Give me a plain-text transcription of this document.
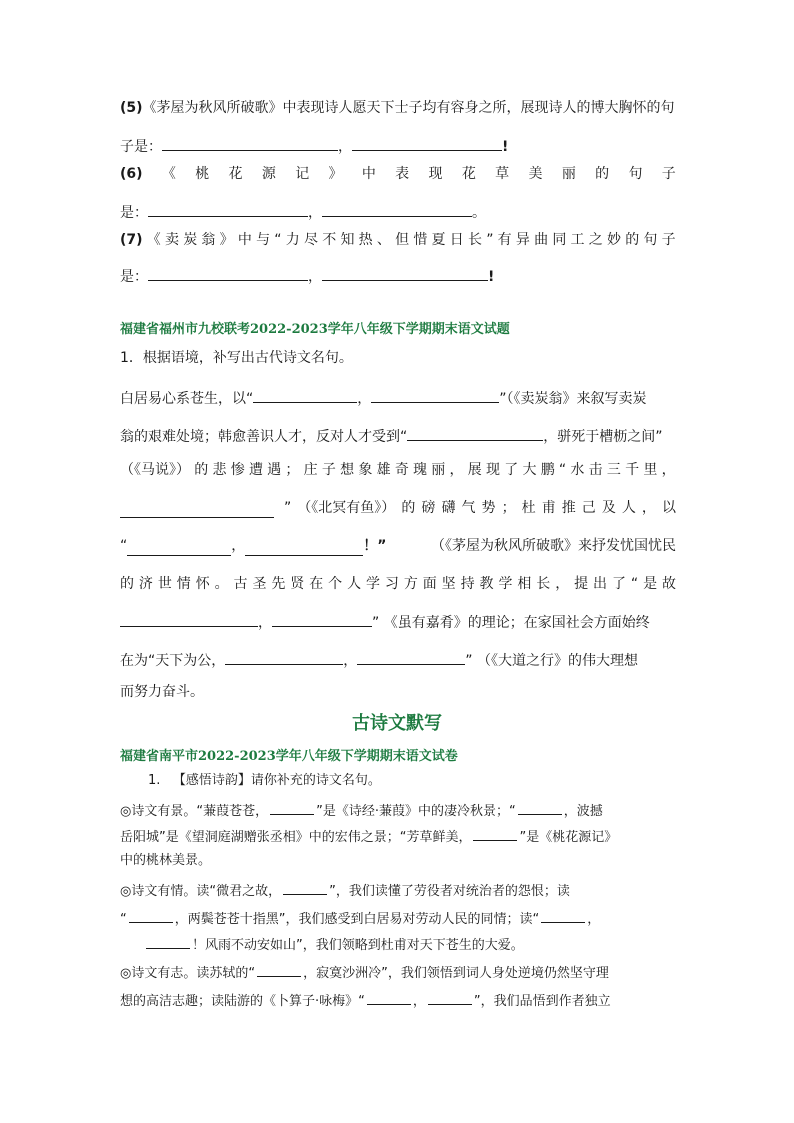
(5)《茅屋为秋风所破歌》中表现诗人愿天下士子均有容身之所，展现诗人的博大胸怀的句
子是：	，	!
(6) 《 桃 花 源 记 》 中 表 现 花 草 美 丽 的 句 子
是：	，	。
(7) 《 卖 炭 翁 》 中 与 “ 力 尽 不 知 热 、 但 惜 夏 日 长 ” 有 异 曲 同 工 之 妙 的 句 子
是：	，	!
福建省福州市九校联考2022-2023学年八年级下学期期末语文试题
1．根据语境，补写出古代诗文名句。
白居易心系苍生，以“	，	”（《卖炭翁》来叙写卖炭
翁的艰难处境；韩愈善识人才，反对人才受到“	，骈死于槽枥之间”
（《马说》） 的 悲 惨 遭 遇 ； 庄 子 想 象 雄 奇 瑰 丽 ， 展 现 了 大 鹏 “ 水 击 三 千 里 ，
” （《北冥有鱼》） 的 磅 礴 气 势 ； 杜 甫 推 己 及 人 ， 以
“	，	！”	（《茅屋为秋风所破歌》来抒发忧国忧民
的 济 世 情 怀 。 古 圣 先 贤 在 个 人 学 习 方 面 坚 持 教 学 相 长 ， 提 出 了 “ 是 故
，	” 《虽有嘉肴》的理论；在家国社会方面始终
在为“天下为公，	，	” （《大道之行》的伟大理想
而努力奋斗。
古诗文默写
福建省南平市2022-2023学年八年级下学期期末语文试卷
1. 【感悟诗韵】请你补充的诗文名句。
◎诗文有景。“蒹葭苍苍，	”是《诗经·蒹葭》中的凄冷秋景；“	，波撼
岳阳城”是《望洞庭湖赠张丞相》中的宏伟之景；“芳草鲜美，	”是《桃花源记》
中的桃林美景。
◎诗文有情。读“微君之故，	”，我们读懂了劳役者对统治者的怨恨；读
“	，两鬓苍苍十指黑”，我们感受到白居易对劳动人民的同情；读“	，
！风雨不动安如山”，我们领略到杜甫对天下苍生的大爱。
◎诗文有志。读苏轼的“	，寂寞沙洲冷”，我们领悟到词人身处逆境仍然坚守理
想的高洁志趣；读陆游的《卜算子·咏梅》“	，	”，我们品悟到作者独立
